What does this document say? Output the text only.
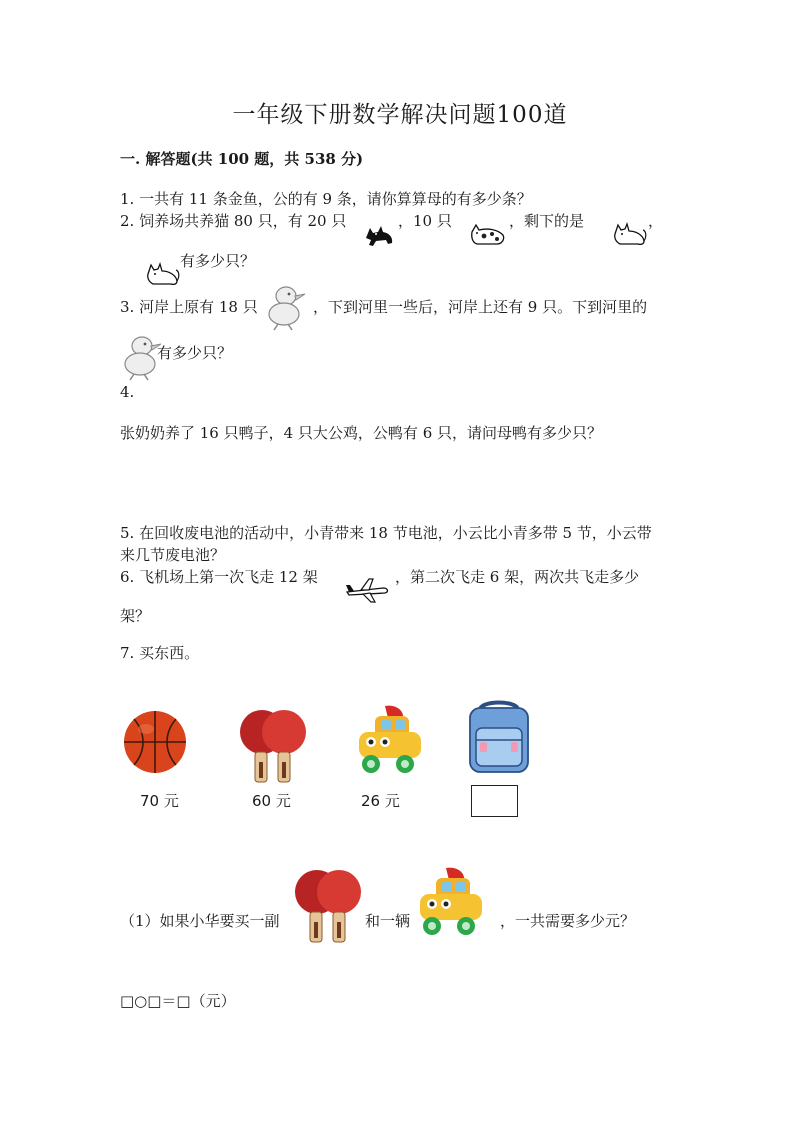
一年级下册数学解决问题100道
一. 解答题(共 100 题，共 538 分)
1. 一共有 11 条金鱼，公的有 9 条，请你算算母的有多少条？
2. 饲养场共养猫 80 只，有 20 只	，10 只	，剩下的是	，
有多少只？
3. 河岸上原有 18 只	，下到河里一些后，河岸上还有 9 只。下到河里的
有多少只？
4.
张奶奶养了 16 只鸭子，4 只大公鸡，公鸭有 6 只，请问母鸭有多少只？
5. 在回收废电池的活动中，小青带来 18 节电池，小云比小青多带 5 节，小云带
来几节废电池？
6. 飞机场上第一次飞走 12 架	，第二次飞走 6 架，两次共飞走多少
架？
7. 买东西。
70 元	60 元	26 元
（1）如果小华要买一副	和一辆	，一共需要多少元？
□○□＝□（元）
